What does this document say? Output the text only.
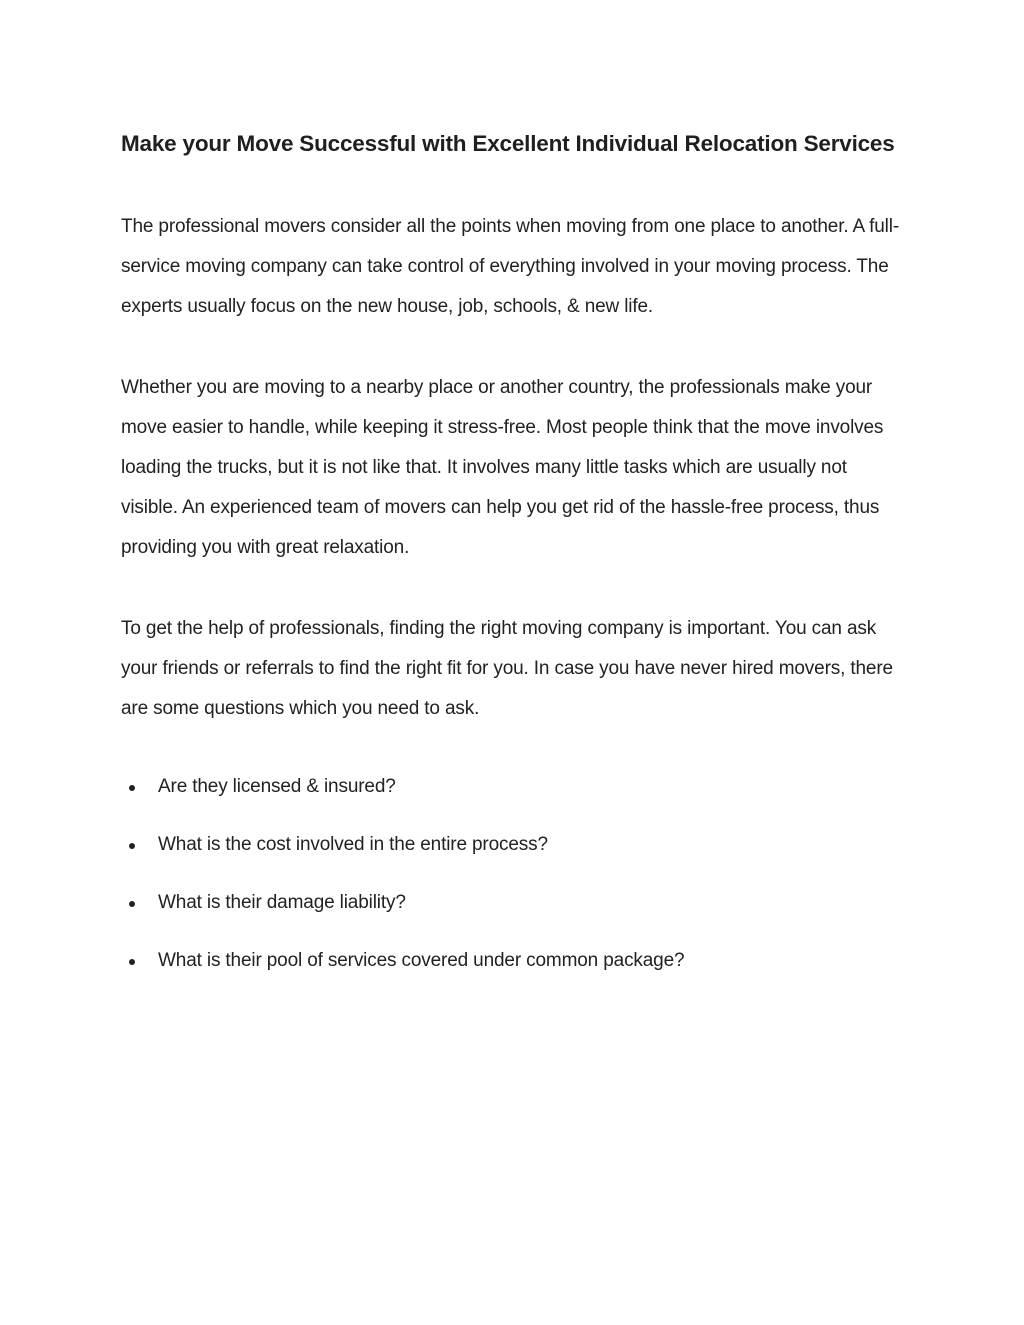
Make your Move Successful with Excellent Individual Relocation Services

The professional movers consider all the points when moving from one place to another. A full-service moving company can take control of everything involved in your moving process. The experts usually focus on the new house, job, schools, & new life.

Whether you are moving to a nearby place or another country, the professionals make your move easier to handle, while keeping it stress-free. Most people think that the move involves loading the trucks, but it is not like that. It involves many little tasks which are usually not visible. An experienced team of movers can help you get rid of the hassle-free process, thus providing you with great relaxation.

To get the help of professionals, finding the right moving company is important. You can ask your friends or referrals to find the right fit for you. In case you have never hired movers, there are some questions which you need to ask.

Are they licensed & insured?
What is the cost involved in the entire process?
What is their damage liability?
What is their pool of services covered under common package?
